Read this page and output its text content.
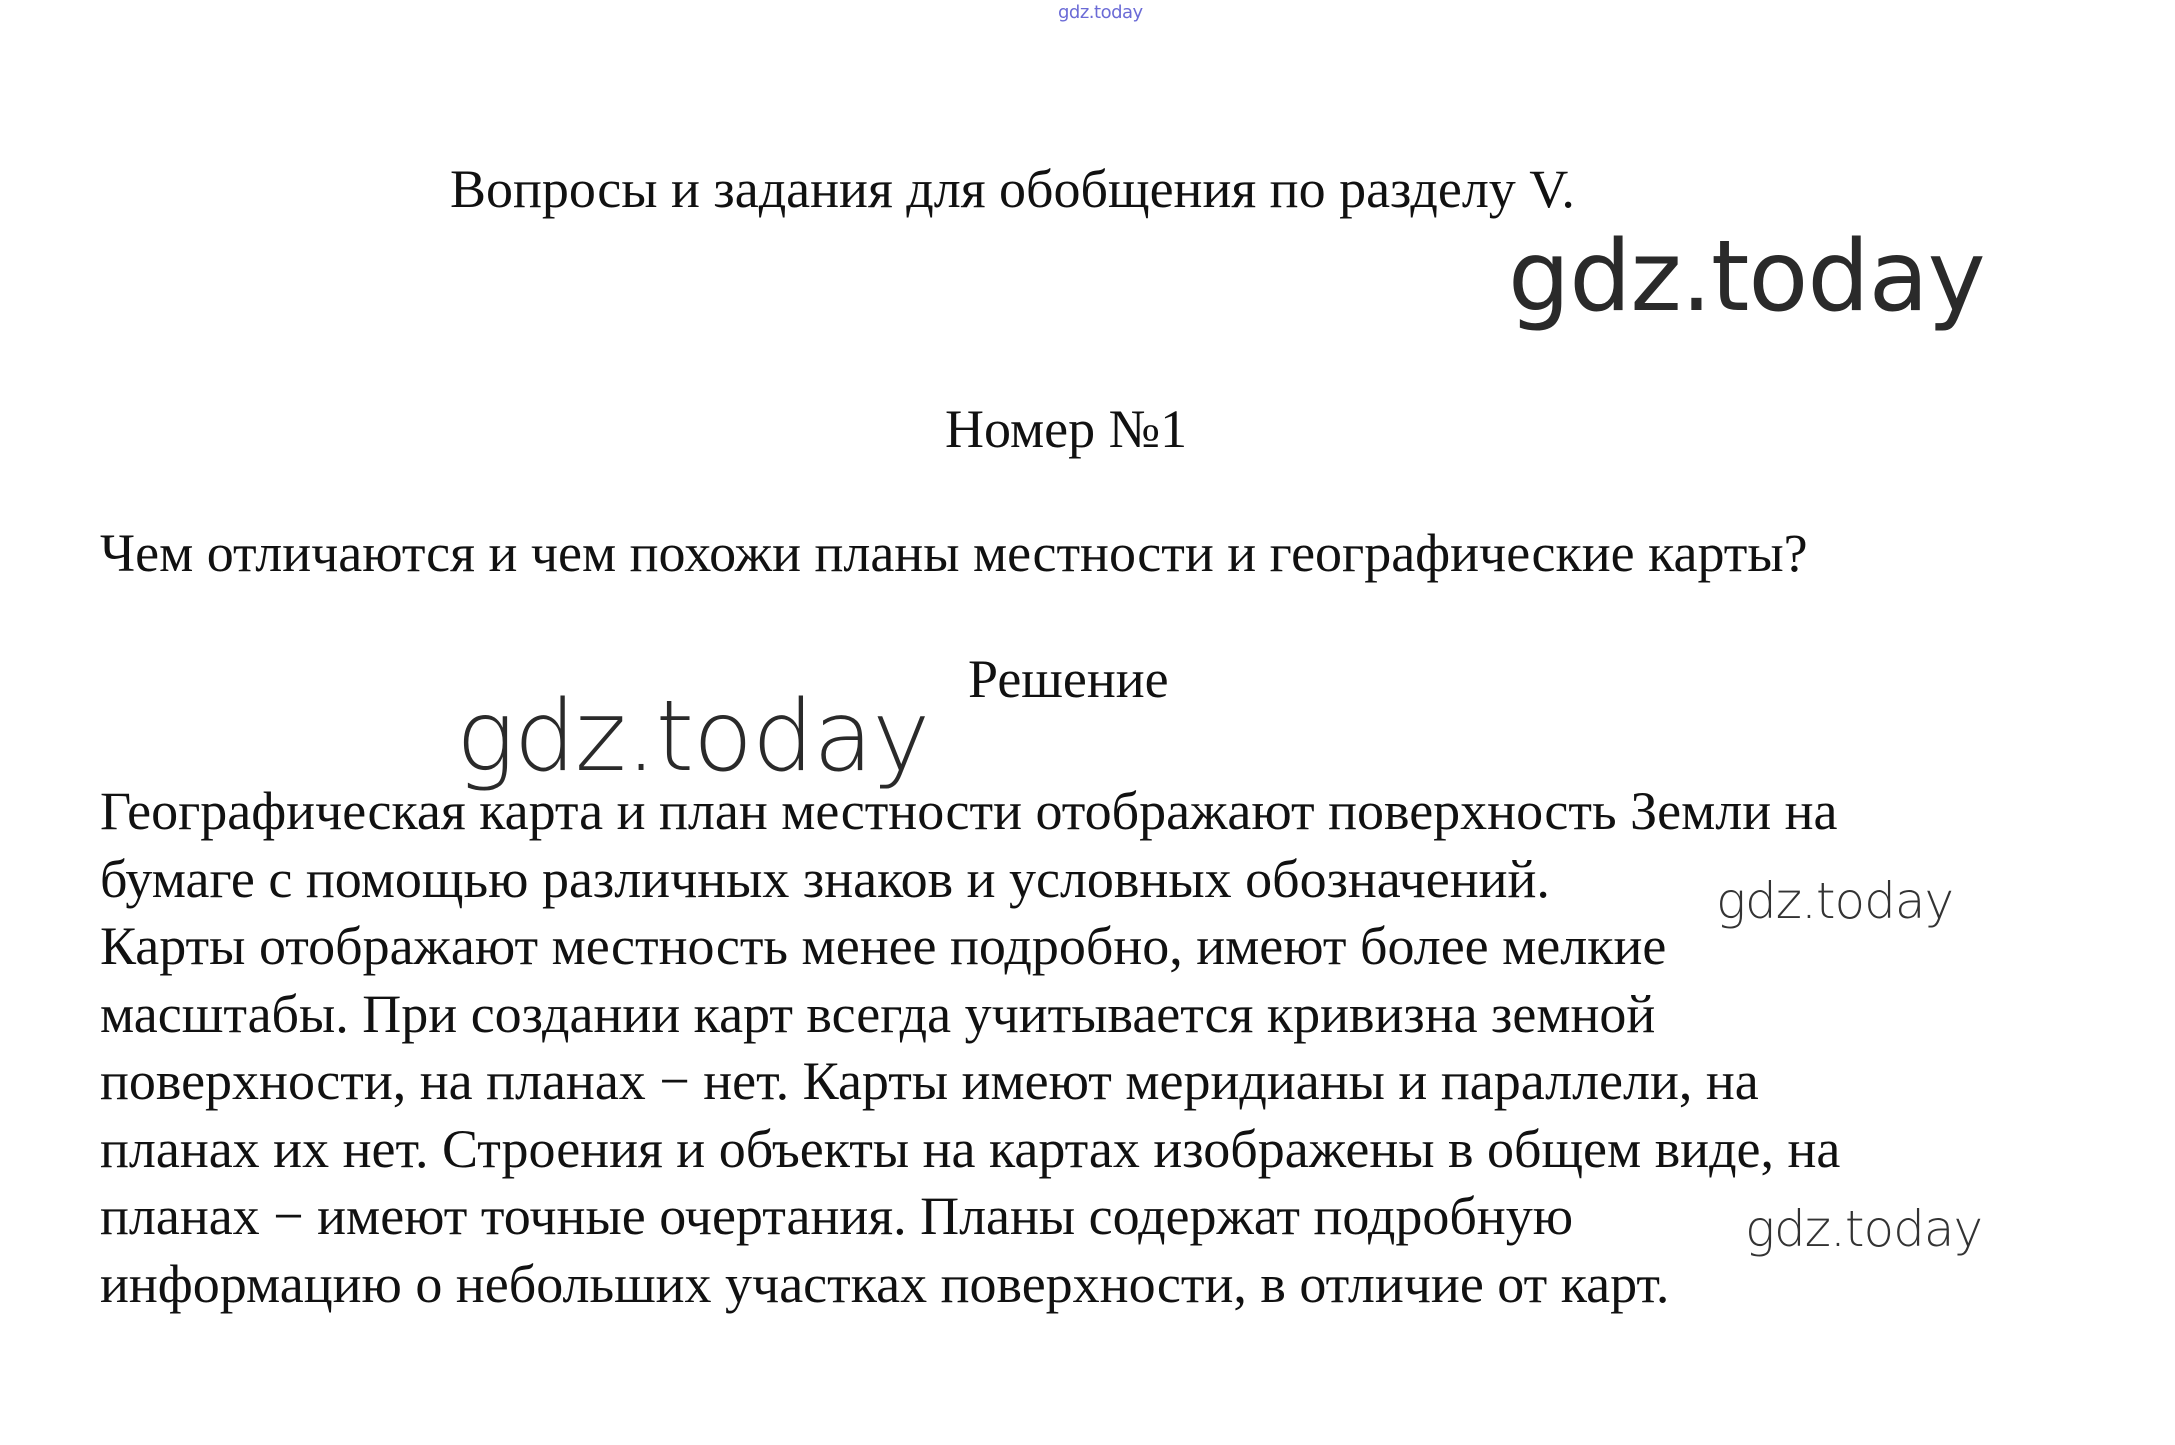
gdz.today
Вопросы и задания для обобщения по разделу V.
gdz.today
Номер №1
Чем отличаются и чем похожи планы местности и географические карты?
Решение
gdz.today

Географическая карта и план местности отображают поверхность Земли на
бумаге с помощью различных знаков и условных обозначений.
Карты отображают местность менее подробно, имеют более мелкие
масштабы. При создании карт всегда учитывается кривизна земной
поверхности, на планах − нет. Карты имеют меридианы и параллели, на
планах их нет. Строения и объекты на картах изображены в общем виде, на
планах − имеют точные очертания. Планы содержат подробную
информацию о небольших участках поверхности, в отличие от карт.

gdz.today
gdz.today
